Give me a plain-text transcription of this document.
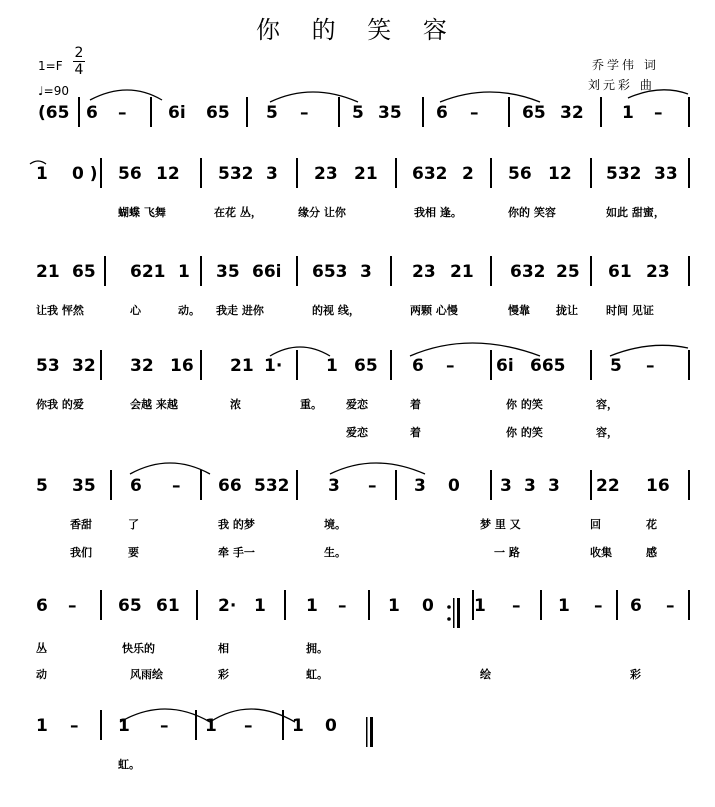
你 的 笑 容
1=F
2
4
♩=90
乔学伟 词
刘元彩 曲
(65 6 – 6i 65 5 –	5 35 6 –	65 32 1 –
1 0 ) 56 12 532 3 23 21 632 2 56 12 532 33
蝴蝶 飞舞	在花 丛，	缘分 让你	我相 逢。	你的 笑容	如此 甜蜜，
21 65 621 1 35 66i 653 3 23 21 632 25 61 23
让我 怦然	心	动。 我走 进你	的视 线，	两颗 心慢	慢靠 拢让	时间 见证
53 32 32 16 21 1·	1 65 6 – 6i 665	5 –
你我 的爱	会越 来越	浓	重。 爱恋	着	你 的笑	容，
爱恋	着	你 的笑	容，
5 35 6 – 66 532 3 – 3 0 3 3 3 22 16
香甜	了	我 的梦	境。	梦 里 又	回	花
我们	要	牵 手一	生。	一 路	收集	感
6 – 65 61 2· 1 1 – 1 0 1 – 1 – 6 –
丛	快乐的	相	拥。
动	风雨绘	彩	虹。	绘	彩
1 – 1 – 1 – 1 0
虹。
